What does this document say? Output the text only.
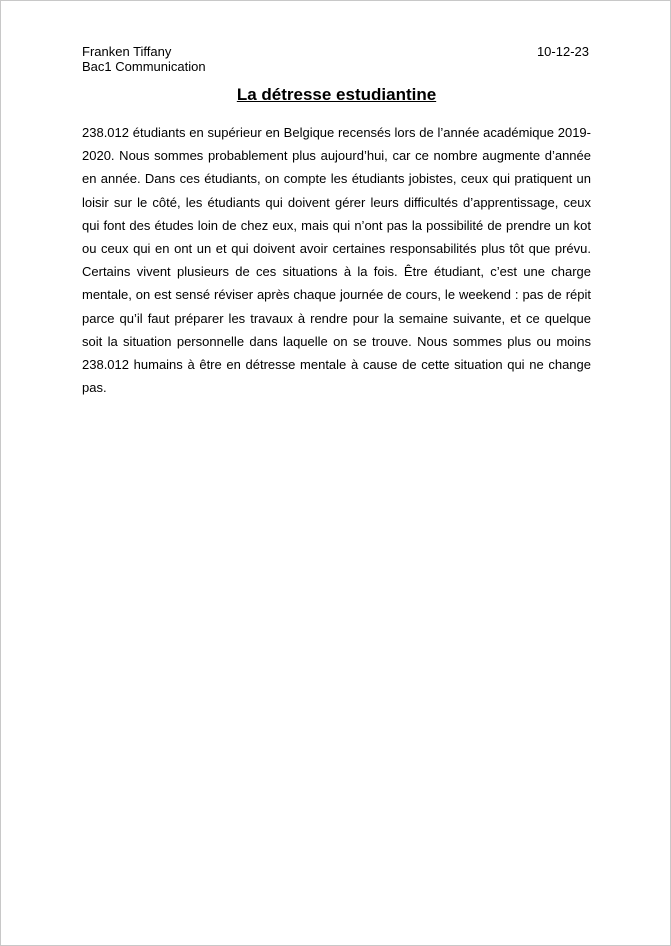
Franken Tiffany
Bac1 Communication
10-12-23
La détresse estudiantine

238.012 étudiants en supérieur en Belgique recensés lors de l’année académique 2019-2020. Nous sommes probablement plus aujourd’hui, car ce nombre augmente d’année en année. Dans ces étudiants, on compte les étudiants jobistes, ceux qui pratiquent un loisir sur le côté, les étudiants qui doivent gérer leurs difficultés d’apprentissage, ceux qui font des études loin de chez eux, mais qui n’ont pas la possibilité de prendre un kot ou ceux qui en ont un et qui doivent avoir certaines responsabilités plus tôt que prévu. Certains vivent plusieurs de ces situations à la fois. Être étudiant, c’est une charge mentale, on est sensé réviser après chaque journée de cours, le weekend : pas de répit parce qu’il faut préparer les travaux à rendre pour la semaine suivante, et ce quelque soit la situation personnelle dans laquelle on se trouve. Nous sommes plus ou moins 238.012 humains à être en détresse mentale à cause de cette situation qui ne change pas.
